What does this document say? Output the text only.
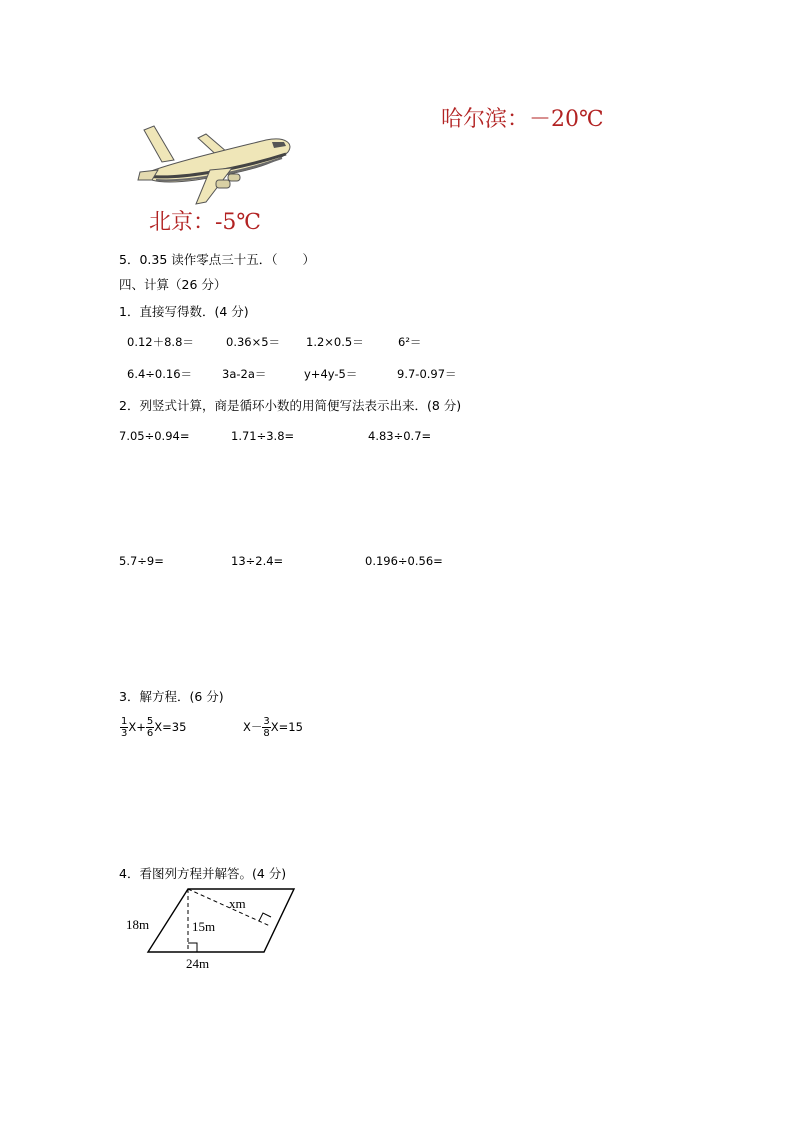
哈尔滨：－20℃
北京：-5℃
5．0.35 读作零点三十五．（　　）
四、计算（26 分）
1．直接写得数．(4 分)
0.12＋8.8＝	0.36×5＝ 1.2×0.5＝	6²＝
6.4÷0.16＝	3a-2a＝	y+4y-5＝	9.7-0.97＝
2．列竖式计算，商是循环小数的用简便写法表示出来．(8 分)
7.05÷0.94=	1.71÷3.8=	4.83÷0.7=
5.7÷9=	13÷2.4=	0.196÷0.56=
3．解方程．(6 分)
$\frac{1}{3} X+ \frac{5}{6} X=35$	$X- \frac{3}{8} X=15$
4．看图列方程并解答。(4 分)
18m	15m
xm
24m
